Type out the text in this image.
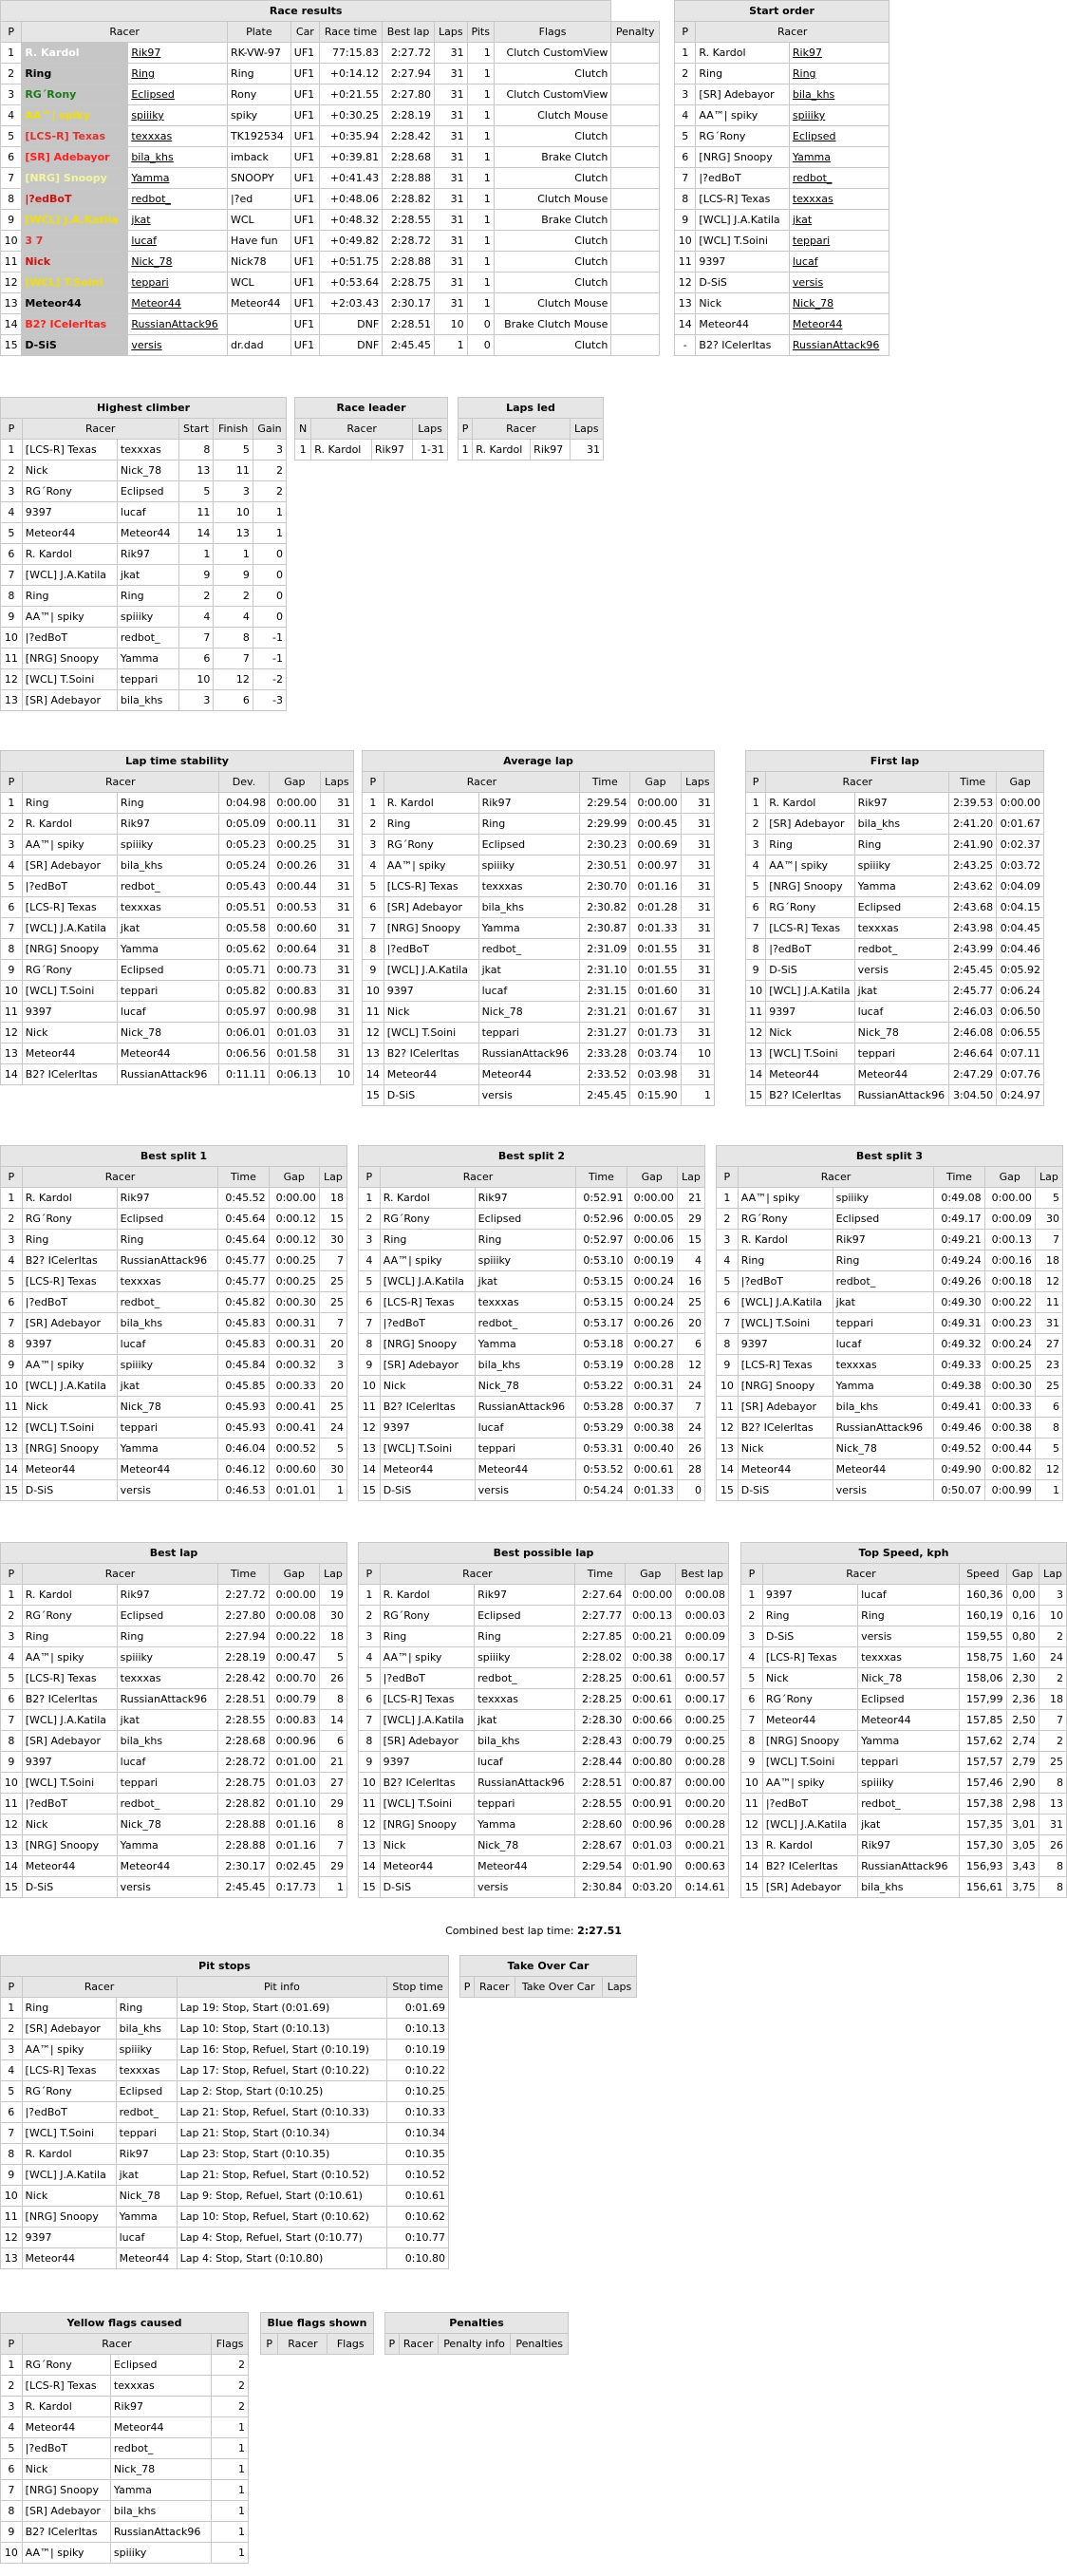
Race results										
P	Racer		Plate	Car	Race time	Best lap	Laps	Pits	Flags	Penalty
1	R. Kardol	Rik97	RK-VW-97	UF1	77:15.83	2:27.72	31	1	Clutch CustomView	
2	Ring	Ring	Ring	UF1	+0:14.12	2:27.94	31	1	Clutch	
3	RG´Rony	Eclipsed	Rony	UF1	+0:21.55	2:27.80	31	1	Clutch CustomView	
4	AA™| spiky	spiiiky	spiky	UF1	+0:30.25	2:28.19	31	1	Clutch Mouse	
5	[LCS-R] Texas	texxxas	TK192534	UF1	+0:35.94	2:28.42	31	1	Clutch	
6	[SR] Adebayor	bila_khs	imback	UF1	+0:39.81	2:28.68	31	1	Brake Clutch	
7	[NRG] Snoopy	Yamma	SNOOPY	UF1	+0:41.43	2:28.88	31	1	Clutch	
8	|?edBoT	redbot_	|?ed	UF1	+0:48.06	2:28.82	31	1	Clutch Mouse	
9	[WCL] J.A.Katila	jkat	WCL	UF1	+0:48.32	2:28.55	31	1	Brake Clutch	
10	3 7	lucaf	Have fun	UF1	+0:49.82	2:28.72	31	1	Clutch	
11	Nick	Nick_78	Nick78	UF1	+0:51.75	2:28.88	31	1	Clutch	
12	[WCL] T.Soini	teppari	WCL	UF1	+0:53.64	2:28.75	31	1	Clutch	
13	Meteor44	Meteor44	Meteor44	UF1	+2:03.43	2:30.17	31	1	Clutch Mouse	
14	B2? ICelerItas	RussianAttack96		UF1	DNF	2:28.51	10	0	Brake Clutch Mouse	
15	D-SiS	versis	dr.dad	UF1	DNF	2:45.45	1	0	Clutch	
Start order		
P	Racer	
1	R. Kardol	Rik97
2	Ring	Ring
3	[SR] Adebayor	bila_khs
4	AA™| spiky	spiiiky
5	RG´Rony	Eclipsed
6	[NRG] Snoopy	Yamma
7	|?edBoT	redbot_
8	[LCS-R] Texas	texxxas
9	[WCL] J.A.Katila	jkat
10	[WCL] T.Soini	teppari
11	9397	lucaf
12	D-SiS	versis
13	Nick	Nick_78
14	Meteor44	Meteor44
-	B2? ICelerItas	RussianAttack96
Highest climber					
P	Racer		Start	Finish	Gain
1	[LCS-R] Texas	texxxas	8	5	3
2	Nick	Nick_78	13	11	2
3	RG´Rony	Eclipsed	5	3	2
4	9397	lucaf	11	10	1
5	Meteor44	Meteor44	14	13	1
6	R. Kardol	Rik97	1	1	0
7	[WCL] J.A.Katila	jkat	9	9	0
8	Ring	Ring	2	2	0
9	AA™| spiky	spiiiky	4	4	0
10	|?edBoT	redbot_	7	8	-1
11	[NRG] Snoopy	Yamma	6	7	-1
12	[WCL] T.Soini	teppari	10	12	-2
13	[SR] Adebayor	bila_khs	3	6	-3
Race leader			
N	Racer		Laps
1	R. Kardol	Rik97	1-31
Laps led			
P	Racer		Laps
1	R. Kardol	Rik97	31
Lap time stability					
P	Racer		Dev.	Gap	Laps
1	Ring	Ring	0:04.98	0:00.00	31
2	R. Kardol	Rik97	0:05.09	0:00.11	31
3	AA™| spiky	spiiiky	0:05.23	0:00.25	31
4	[SR] Adebayor	bila_khs	0:05.24	0:00.26	31
5	|?edBoT	redbot_	0:05.43	0:00.44	31
6	[LCS-R] Texas	texxxas	0:05.51	0:00.53	31
7	[WCL] J.A.Katila	jkat	0:05.58	0:00.60	31
8	[NRG] Snoopy	Yamma	0:05.62	0:00.64	31
9	RG´Rony	Eclipsed	0:05.71	0:00.73	31
10	[WCL] T.Soini	teppari	0:05.82	0:00.83	31
11	9397	lucaf	0:05.97	0:00.98	31
12	Nick	Nick_78	0:06.01	0:01.03	31
13	Meteor44	Meteor44	0:06.56	0:01.58	31
14	B2? ICelerItas	RussianAttack96	0:11.11	0:06.13	10
Average lap					
P	Racer		Time	Gap	Laps
1	R. Kardol	Rik97	2:29.54	0:00.00	31
2	Ring	Ring	2:29.99	0:00.45	31
3	RG´Rony	Eclipsed	2:30.23	0:00.69	31
4	AA™| spiky	spiiiky	2:30.51	0:00.97	31
5	[LCS-R] Texas	texxxas	2:30.70	0:01.16	31
6	[SR] Adebayor	bila_khs	2:30.82	0:01.28	31
7	[NRG] Snoopy	Yamma	2:30.87	0:01.33	31
8	|?edBoT	redbot_	2:31.09	0:01.55	31
9	[WCL] J.A.Katila	jkat	2:31.10	0:01.55	31
10	9397	lucaf	2:31.15	0:01.60	31
11	Nick	Nick_78	2:31.21	0:01.67	31
12	[WCL] T.Soini	teppari	2:31.27	0:01.73	31
13	B2? ICelerItas	RussianAttack96	2:33.28	0:03.74	10
14	Meteor44	Meteor44	2:33.52	0:03.98	31
15	D-SiS	versis	2:45.45	0:15.90	1
First lap				
P	Racer		Time	Gap
1	R. Kardol	Rik97	2:39.53	0:00.00
2	[SR] Adebayor	bila_khs	2:41.20	0:01.67
3	Ring	Ring	2:41.90	0:02.37
4	AA™| spiky	spiiiky	2:43.25	0:03.72
5	[NRG] Snoopy	Yamma	2:43.62	0:04.09
6	RG´Rony	Eclipsed	2:43.68	0:04.15
7	[LCS-R] Texas	texxxas	2:43.98	0:04.45
8	|?edBoT	redbot_	2:43.99	0:04.46
9	D-SiS	versis	2:45.45	0:05.92
10	[WCL] J.A.Katila	jkat	2:45.77	0:06.24
11	9397	lucaf	2:46.03	0:06.50
12	Nick	Nick_78	2:46.08	0:06.55
13	[WCL] T.Soini	teppari	2:46.64	0:07.11
14	Meteor44	Meteor44	2:47.29	0:07.76
15	B2? ICelerItas	RussianAttack96	3:04.50	0:24.97
Best split 1					
P	Racer		Time	Gap	Lap
1	R. Kardol	Rik97	0:45.52	0:00.00	18
2	RG´Rony	Eclipsed	0:45.64	0:00.12	15
3	Ring	Ring	0:45.64	0:00.12	30
4	B2? ICelerItas	RussianAttack96	0:45.77	0:00.25	7
5	[LCS-R] Texas	texxxas	0:45.77	0:00.25	25
6	|?edBoT	redbot_	0:45.82	0:00.30	25
7	[SR] Adebayor	bila_khs	0:45.83	0:00.31	7
8	9397	lucaf	0:45.83	0:00.31	20
9	AA™| spiky	spiiiky	0:45.84	0:00.32	3
10	[WCL] J.A.Katila	jkat	0:45.85	0:00.33	20
11	Nick	Nick_78	0:45.93	0:00.41	25
12	[WCL] T.Soini	teppari	0:45.93	0:00.41	24
13	[NRG] Snoopy	Yamma	0:46.04	0:00.52	5
14	Meteor44	Meteor44	0:46.12	0:00.60	30
15	D-SiS	versis	0:46.53	0:01.01	1
Best split 2					
P	Racer		Time	Gap	Lap
1	R. Kardol	Rik97	0:52.91	0:00.00	21
2	RG´Rony	Eclipsed	0:52.96	0:00.05	29
3	Ring	Ring	0:52.97	0:00.06	15
4	AA™| spiky	spiiiky	0:53.10	0:00.19	4
5	[WCL] J.A.Katila	jkat	0:53.15	0:00.24	16
6	[LCS-R] Texas	texxxas	0:53.15	0:00.24	25
7	|?edBoT	redbot_	0:53.17	0:00.26	20
8	[NRG] Snoopy	Yamma	0:53.18	0:00.27	6
9	[SR] Adebayor	bila_khs	0:53.19	0:00.28	12
10	Nick	Nick_78	0:53.22	0:00.31	24
11	B2? ICelerItas	RussianAttack96	0:53.28	0:00.37	7
12	9397	lucaf	0:53.29	0:00.38	24
13	[WCL] T.Soini	teppari	0:53.31	0:00.40	26
14	Meteor44	Meteor44	0:53.52	0:00.61	28
15	D-SiS	versis	0:54.24	0:01.33	0
Best split 3					
P	Racer		Time	Gap	Lap
1	AA™| spiky	spiiiky	0:49.08	0:00.00	5
2	RG´Rony	Eclipsed	0:49.17	0:00.09	30
3	R. Kardol	Rik97	0:49.21	0:00.13	7
4	Ring	Ring	0:49.24	0:00.16	18
5	|?edBoT	redbot_	0:49.26	0:00.18	12
6	[WCL] J.A.Katila	jkat	0:49.30	0:00.22	11
7	[WCL] T.Soini	teppari	0:49.31	0:00.23	31
8	9397	lucaf	0:49.32	0:00.24	27
9	[LCS-R] Texas	texxxas	0:49.33	0:00.25	23
10	[NRG] Snoopy	Yamma	0:49.38	0:00.30	25
11	[SR] Adebayor	bila_khs	0:49.41	0:00.33	6
12	B2? ICelerItas	RussianAttack96	0:49.46	0:00.38	8
13	Nick	Nick_78	0:49.52	0:00.44	5
14	Meteor44	Meteor44	0:49.90	0:00.82	12
15	D-SiS	versis	0:50.07	0:00.99	1
Best lap					
P	Racer		Time	Gap	Lap
1	R. Kardol	Rik97	2:27.72	0:00.00	19
2	RG´Rony	Eclipsed	2:27.80	0:00.08	30
3	Ring	Ring	2:27.94	0:00.22	18
4	AA™| spiky	spiiiky	2:28.19	0:00.47	5
5	[LCS-R] Texas	texxxas	2:28.42	0:00.70	26
6	B2? ICelerItas	RussianAttack96	2:28.51	0:00.79	8
7	[WCL] J.A.Katila	jkat	2:28.55	0:00.83	14
8	[SR] Adebayor	bila_khs	2:28.68	0:00.96	6
9	9397	lucaf	2:28.72	0:01.00	21
10	[WCL] T.Soini	teppari	2:28.75	0:01.03	27
11	|?edBoT	redbot_	2:28.82	0:01.10	29
12	Nick	Nick_78	2:28.88	0:01.16	8
13	[NRG] Snoopy	Yamma	2:28.88	0:01.16	7
14	Meteor44	Meteor44	2:30.17	0:02.45	29
15	D-SiS	versis	2:45.45	0:17.73	1
Best possible lap					
P	Racer		Time	Gap	Best lap
1	R. Kardol	Rik97	2:27.64	0:00.00	0:00.08
2	RG´Rony	Eclipsed	2:27.77	0:00.13	0:00.03
3	Ring	Ring	2:27.85	0:00.21	0:00.09
4	AA™| spiky	spiiiky	2:28.02	0:00.38	0:00.17
5	|?edBoT	redbot_	2:28.25	0:00.61	0:00.57
6	[LCS-R] Texas	texxxas	2:28.25	0:00.61	0:00.17
7	[WCL] J.A.Katila	jkat	2:28.30	0:00.66	0:00.25
8	[SR] Adebayor	bila_khs	2:28.43	0:00.79	0:00.25
9	9397	lucaf	2:28.44	0:00.80	0:00.28
10	B2? ICelerItas	RussianAttack96	2:28.51	0:00.87	0:00.00
11	[WCL] T.Soini	teppari	2:28.55	0:00.91	0:00.20
12	[NRG] Snoopy	Yamma	2:28.60	0:00.96	0:00.28
13	Nick	Nick_78	2:28.67	0:01.03	0:00.21
14	Meteor44	Meteor44	2:29.54	0:01.90	0:00.63
15	D-SiS	versis	2:30.84	0:03.20	0:14.61
Top Speed, kph					
P	Racer		Speed	Gap	Lap
1	9397	lucaf	160,36	0,00	3
2	Ring	Ring	160,19	0,16	10
3	D-SiS	versis	159,55	0,80	2
4	[LCS-R] Texas	texxxas	158,75	1,60	24
5	Nick	Nick_78	158,06	2,30	2
6	RG´Rony	Eclipsed	157,99	2,36	18
7	Meteor44	Meteor44	157,85	2,50	7
8	[NRG] Snoopy	Yamma	157,62	2,74	2
9	[WCL] T.Soini	teppari	157,57	2,79	25
10	AA™| spiky	spiiiky	157,46	2,90	8
11	|?edBoT	redbot_	157,38	2,98	13
12	[WCL] J.A.Katila	jkat	157,35	3,01	31
13	R. Kardol	Rik97	157,30	3,05	26
14	B2? ICelerItas	RussianAttack96	156,93	3,43	8
15	[SR] Adebayor	bila_khs	156,61	3,75	8
Combined best lap time: 2:27.51
Pit stops				
P	Racer		Pit info	Stop time
1	Ring	Ring	Lap 19: Stop, Start (0:01.69)	0:01.69
2	[SR] Adebayor	bila_khs	Lap 10: Stop, Start (0:10.13)	0:10.13
3	AA™| spiky	spiiiky	Lap 16: Stop, Refuel, Start (0:10.19)	0:10.19
4	[LCS-R] Texas	texxxas	Lap 17: Stop, Refuel, Start (0:10.22)	0:10.22
5	RG´Rony	Eclipsed	Lap 2: Stop, Start (0:10.25)	0:10.25
6	|?edBoT	redbot_	Lap 21: Stop, Refuel, Start (0:10.33)	0:10.33
7	[WCL] T.Soini	teppari	Lap 21: Stop, Start (0:10.34)	0:10.34
8	R. Kardol	Rik97	Lap 23: Stop, Start (0:10.35)	0:10.35
9	[WCL] J.A.Katila	jkat	Lap 21: Stop, Refuel, Start (0:10.52)	0:10.52
10	Nick	Nick_78	Lap 9: Stop, Refuel, Start (0:10.61)	0:10.61
11	[NRG] Snoopy	Yamma	Lap 10: Stop, Refuel, Start (0:10.62)	0:10.62
12	9397	lucaf	Lap 4: Stop, Refuel, Start (0:10.77)	0:10.77
13	Meteor44	Meteor44	Lap 4: Stop, Start (0:10.80)	0:10.80
Take Over Car
P	Racer	Take Over Car	Laps
Yellow flags caused			
P	Racer		Flags
1	RG´Rony	Eclipsed	2
2	[LCS-R] Texas	texxxas	2
3	R. Kardol	Rik97	2
4	Meteor44	Meteor44	1
5	|?edBoT	redbot_	1
6	Nick	Nick_78	1
7	[NRG] Snoopy	Yamma	1
8	[SR] Adebayor	bila_khs	1
9	B2? ICelerItas	RussianAttack96	1
10	AA™| spiky	spiiiky	1
Blue flags shown
P	Racer	Flags
Penalties
P	Racer	Penalty info	Penalties
